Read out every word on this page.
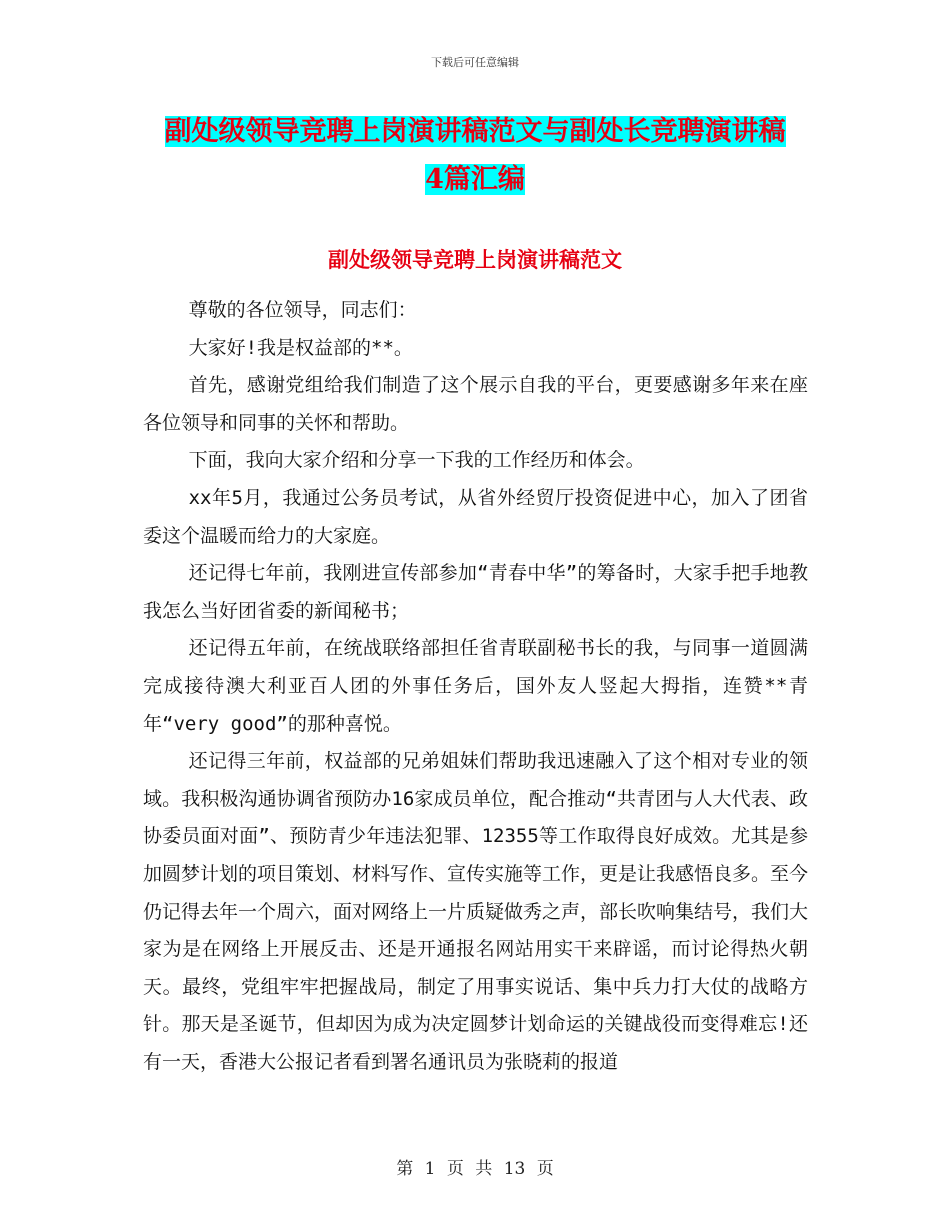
下载后可任意编辑
副处级领导竞聘上岗演讲稿范文与副处长竞聘演讲稿
4篇汇编
副处级领导竞聘上岗演讲稿范文

尊敬的各位领导，同志们：

大家好!我是权益部的**。

首先，感谢党组给我们制造了这个展示自我的平台，更要感谢多年来在座各位领导和同事的关怀和帮助。

下面，我向大家介绍和分享一下我的工作经历和体会。

xx年5月，我通过公务员考试，从省外经贸厅投资促进中心，加入了团省委这个温暖而给力的大家庭。

还记得七年前，我刚进宣传部参加“青春中华”的筹备时，大家手把手地教我怎么当好团省委的新闻秘书；

还记得五年前，在统战联络部担任省青联副秘书长的我，与同事一道圆满完成接待澳大利亚百人团的外事任务后，国外友人竖起大拇指，连赞**青年“very good”的那种喜悦。

还记得三年前，权益部的兄弟姐妹们帮助我迅速融入了这个相对专业的领域。我积极沟通协调省预防办16家成员单位，配合推动“共青团与人大代表、政协委员面对面”、预防青少年违法犯罪、12355等工作取得良好成效。尤其是参加圆梦计划的项目策划、材料写作、宣传实施等工作，更是让我感悟良多。至今仍记得去年一个周六，面对网络上一片质疑做秀之声，部长吹响集结号，我们大家为是在网络上开展反击、还是开通报名网站用实干来辟谣，而讨论得热火朝天。最终，党组牢牢把握战局，制定了用事实说话、集中兵力打大仗的战略方针。那天是圣诞节，但却因为成为决定圆梦计划命运的关键战役而变得难忘!还有一天，香港大公报记者看到署名通讯员为张晓莉的报道

第 1 页 共 13 页
